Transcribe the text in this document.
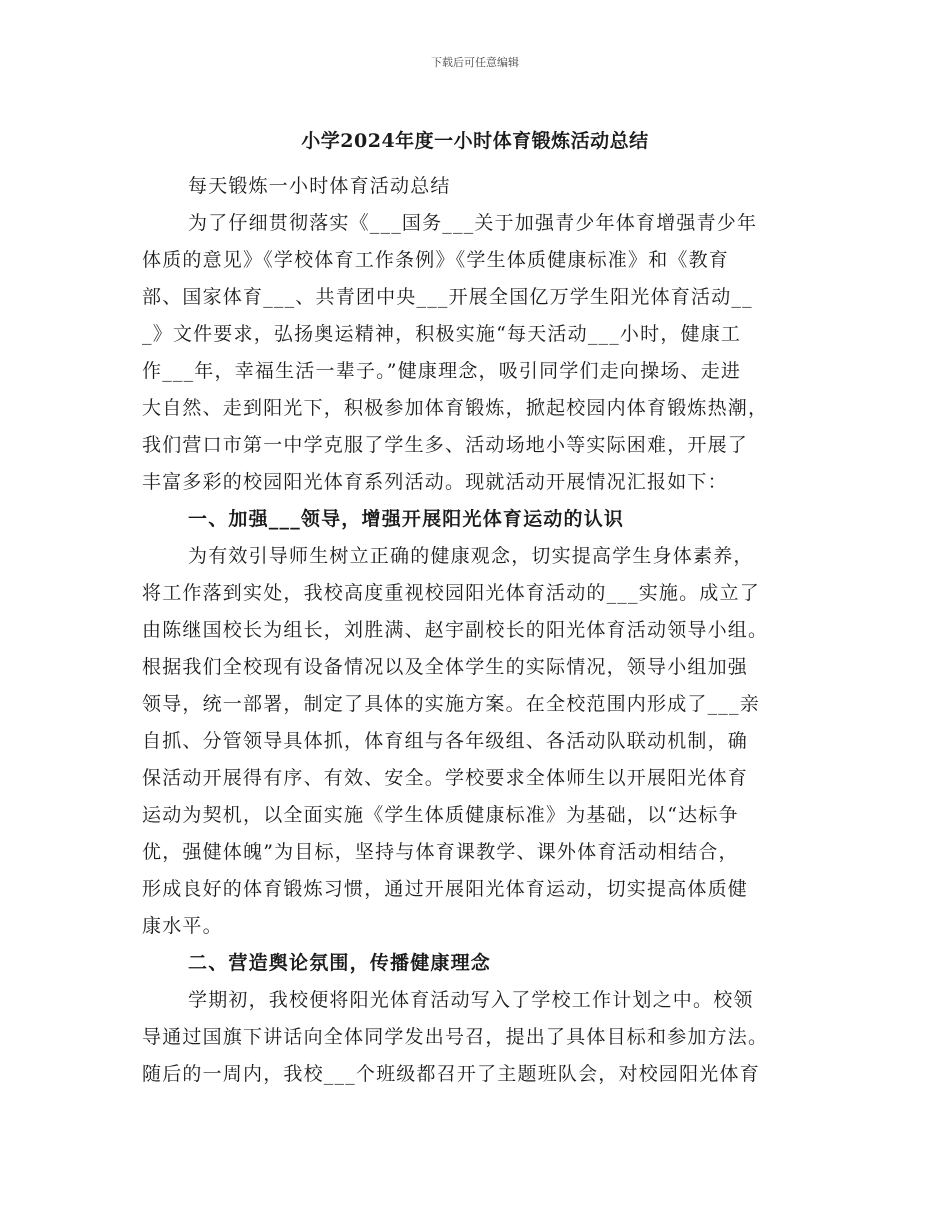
下载后可任意编辑
小学2024年度一小时体育锻炼活动总结
每天锻炼一小时体育活动总结
为了仔细贯彻落实《___国务___关于加强青少年体育增强青少年
体质的意见》《学校体育工作条例》《学生体质健康标准》和《教育
部、国家体育___、共青团中央___开展全国亿万学生阳光体育活动__
_》文件要求，弘扬奥运精神，积极实施“每天活动___小时，健康工
作___年，幸福生活一辈子。”健康理念，吸引同学们走向操场、走进
大自然、走到阳光下，积极参加体育锻炼，掀起校园内体育锻炼热潮，
我们营口市第一中学克服了学生多、活动场地小等实际困难，开展了
丰富多彩的校园阳光体育系列活动。现就活动开展情况汇报如下：
一、加强___领导，增强开展阳光体育运动的认识
为有效引导师生树立正确的健康观念，切实提高学生身体素养，
将工作落到实处，我校高度重视校园阳光体育活动的___实施。成立了
由陈继国校长为组长，刘胜满、赵宇副校长的阳光体育活动领导小组。
根据我们全校现有设备情况以及全体学生的实际情况，领导小组加强
领导，统一部署，制定了具体的实施方案。在全校范围内形成了___亲
自抓、分管领导具体抓，体育组与各年级组、各活动队联动机制，确
保活动开展得有序、有效、安全。学校要求全体师生以开展阳光体育
运动为契机，以全面实施《学生体质健康标准》为基础，以“达标争
优，强健体魄”为目标，坚持与体育课教学、课外体育活动相结合，
形成良好的体育锻炼习惯，通过开展阳光体育运动，切实提高体质健
康水平。
二、营造舆论氛围，传播健康理念
学期初，我校便将阳光体育活动写入了学校工作计划之中。校领
导通过国旗下讲话向全体同学发出号召，提出了具体目标和参加方法。
随后的一周内，我校___个班级都召开了主题班队会，对校园阳光体育
